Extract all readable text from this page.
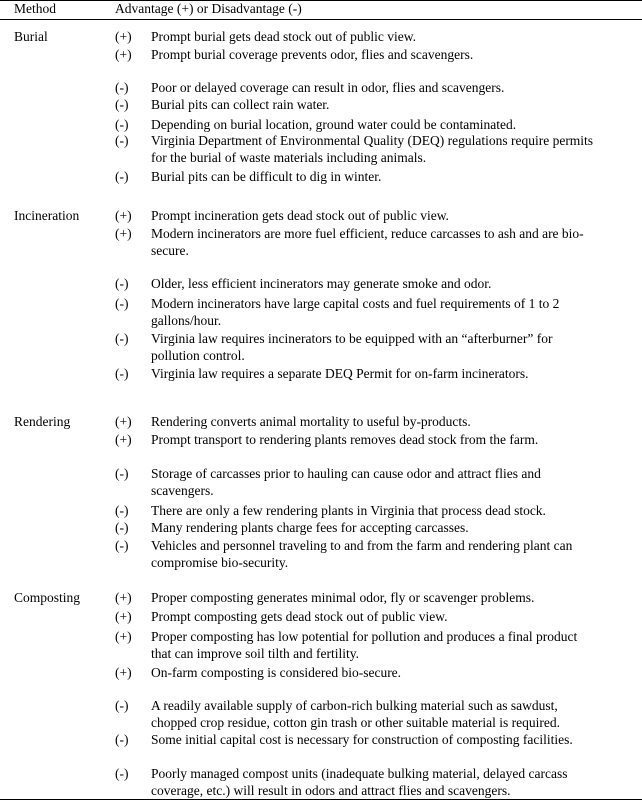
Method	Advantage (+) or Disadvantage (-)
Burial	(+) Prompt burial gets dead stock out of public view.
(+) Prompt burial coverage prevents odor, flies and scavengers.
(-) Poor or delayed coverage can result in odor, flies and scavengers.
(-) Burial pits can collect rain water.
(-) Depending on burial location, ground water could be contaminated.
(-) Virginia Department of Environmental Quality (DEQ) regulations require permits
for the burial of waste materials including animals.
(-) Burial pits can be difficult to dig in winter.
Incineration	(+) Prompt incineration gets dead stock out of public view.
(+) Modern incinerators are more fuel efficient, reduce carcasses to ash and are bio-
secure.
(-) Older, less efficient incinerators may generate smoke and odor.
(-) Modern incinerators have large capital costs and fuel requirements of 1 to 2
gallons/hour.
(-) Virginia law requires incinerators to be equipped with an “afterburner” for
pollution control.
(-) Virginia law requires a separate DEQ Permit for on-farm incinerators.
Rendering	(+) Rendering converts animal mortality to useful by-products.
(+) Prompt transport to rendering plants removes dead stock from the farm.
(-) Storage of carcasses prior to hauling can cause odor and attract flies and
scavengers.
(-) There are only a few rendering plants in Virginia that process dead stock.
(-) Many rendering plants charge fees for accepting carcasses.
(-) Vehicles and personnel traveling to and from the farm and rendering plant can
compromise bio-security.
Composting	(+) Proper composting generates minimal odor, fly or scavenger problems.
(+) Prompt composting gets dead stock out of public view.
(+) Proper composting has low potential for pollution and produces a final product
that can improve soil tilth and fertility.
(+) On-farm composting is considered bio-secure.
(-) A readily available supply of carbon-rich bulking material such as sawdust,
chopped crop residue, cotton gin trash or other suitable material is required.
(-) Some initial capital cost is necessary for construction of composting facilities.
(-) Poorly managed compost units (inadequate bulking material, delayed carcass
coverage, etc.) will result in odors and attract flies and scavengers.
